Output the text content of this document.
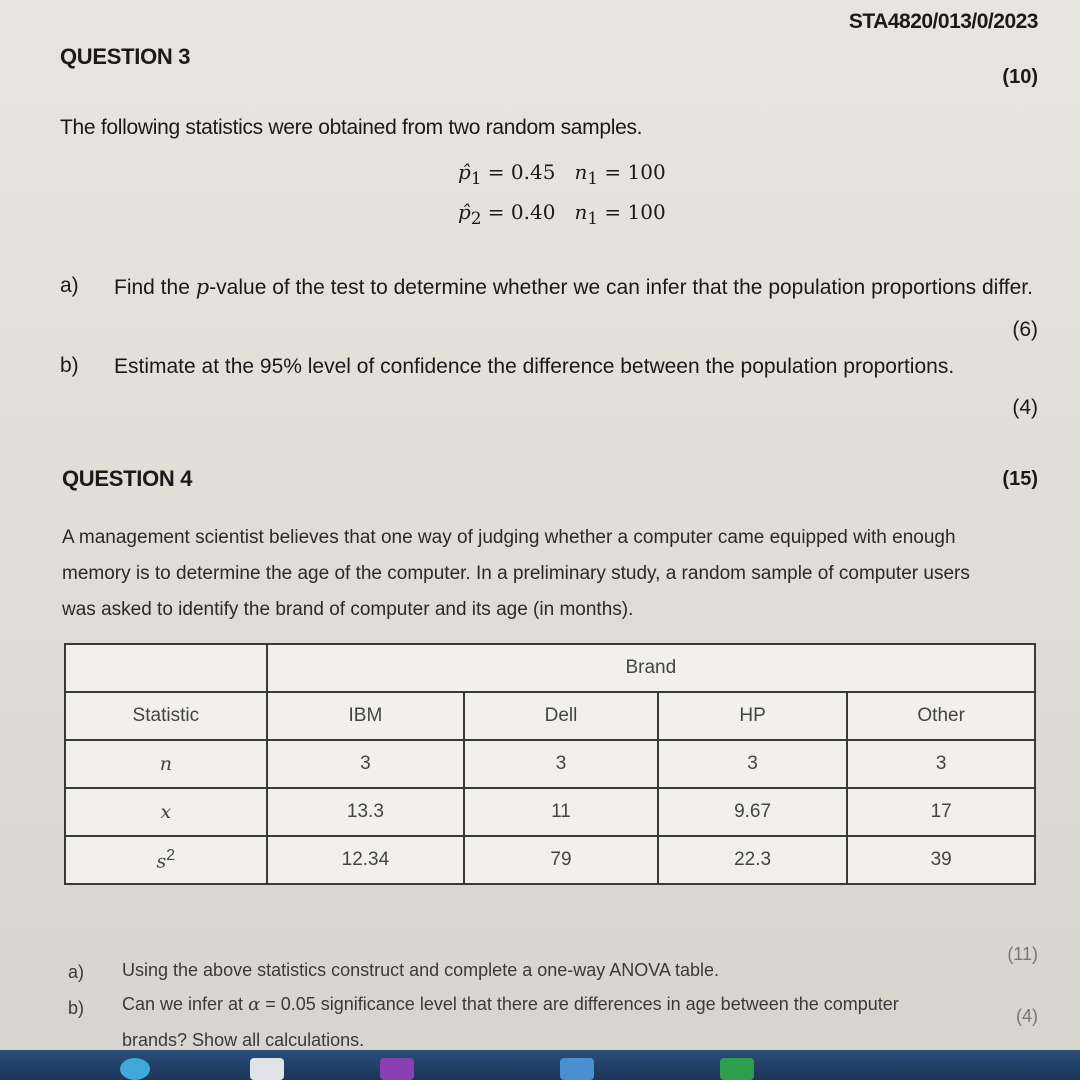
STA4820/013/0/2023
QUESTION 3
(10)
The following statistics were obtained from two random samples.
$p̂_1 = 0.45$ $n_1 = 100$
$p̂_2 = 0.40$ $n_1 = 100$
a) Find the p-value of the test to determine whether we can infer that the population proportions differ.
(6)
b) Estimate at the 95% level of confidence the difference between the population proportions.
(4)
QUESTION 4	(15)
A management scientist believes that one way of judging whether a computer came equipped with enough
memory is to determine the age of the computer. In a preliminary study, a random sample of computer users
was asked to identify the brand of computer and its age (in months).
	Brand			
Statistic	IBM	Dell	HP	Other
n	3	3	3	3
x	13.3	11	9.67	17
$s^2$	12.34	79	22.3	39
a) Using the above statistics construct and complete a one-way ANOVA table.
(11)
b) Can we infer at α = 0.05 significance level that there are differences in age between the computer
brands? Show all calculations.
(4)
